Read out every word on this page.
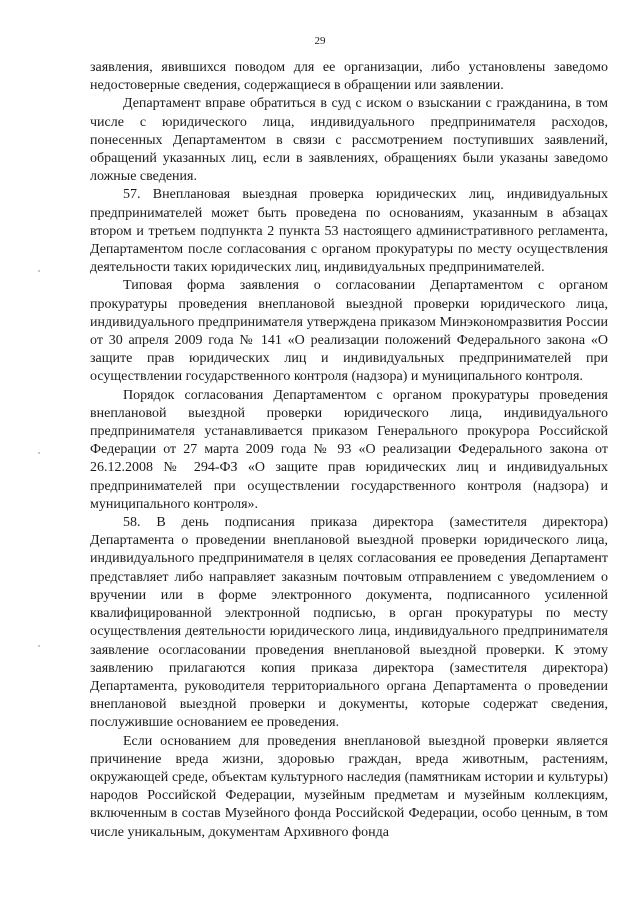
29

заявления, явившихся поводом для ее организации, либо установлены заведомо недостоверные сведения, содержащиеся в обращении или заявлении.

Департамент вправе обратиться в суд с иском о взыскании с гражданина, в том числе с юридического лица, индивидуального предпринимателя расходов, понесенных Департаментом в связи с рассмотрением поступивших заявлений, обращений указанных лиц, если в заявлениях, обращениях были указаны заведомо ложные сведения.

57. Внеплановая выездная проверка юридических лиц, индивидуальных предпринимателей может быть проведена по основаниям, указанным в абзацах втором и третьем подпункта 2 пункта 53 настоящего административного регламента, Департаментом после согласования с органом прокуратуры по месту осуществления деятельности таких юридических лиц, индивидуальных предпринимателей.

Типовая форма заявления о согласовании Департаментом с органом прокуратуры проведения внеплановой выездной проверки юридического лица, индивидуального предпринимателя утверждена приказом Минэкономразвития России от 30 апреля 2009 года № 141 «О реализации положений Федерального закона «О защите прав юридических лиц и индивидуальных предпринимателей при осуществлении государственного контроля (надзора) и муниципального контроля.

Порядок согласования Департаментом с органом прокуратуры проведения внеплановой выездной проверки юридического лица, индивидуального предпринимателя устанавливается приказом Генерального прокурора Российской Федерации от 27 марта 2009 года № 93 «О реализации Федерального закона от 26.12.2008 № 294-ФЗ «О защите прав юридических лиц и индивидуальных предпринимателей при осуществлении государственного контроля (надзора) и муниципального контроля».

58. В день подписания приказа директора (заместителя директора) Департамента о проведении внеплановой выездной проверки юридического лица, индивидуального предпринимателя в целях согласования ее проведения Департамент представляет либо направляет заказным почтовым отправлением с уведомлением о вручении или в форме электронного документа, подписанного усиленной квалифицированной электронной подписью, в орган прокуратуры по месту осуществления деятельности юридического лица, индивидуального предпринимателя заявление осогласовании проведения внеплановой выездной проверки. К этому заявлению прилагаются копия приказа директора (заместителя директора) Департамента, руководителя территориального органа Департамента о проведении внеплановой выездной проверки и документы, которые содержат сведения, послужившие основанием ее проведения.

Если основанием для проведения внеплановой выездной проверки является причинение вреда жизни, здоровью граждан, вреда животным, растениям, окружающей среде, объектам культурного наследия (памятникам истории и культуры) народов Российской Федерации, музейным предметам и музейным коллекциям, включенным в состав Музейного фонда Российской Федерации, особо ценным, в том числе уникальным, документам Архивного фонда
